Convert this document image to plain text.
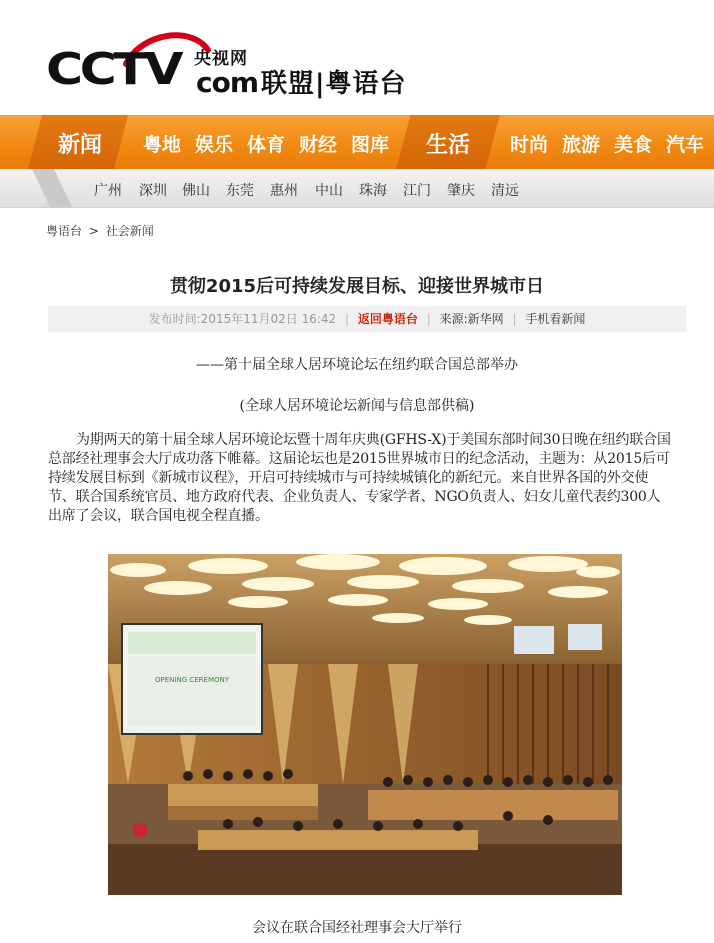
CCTV 央视网
com 联盟|粤语台
新闻 粤地 娱乐 体育 财经 图库 生活 时尚 旅游 美食 汽车
广州 深圳 佛山 东莞 惠州 中山 珠海 江门 肇庆 清远
粤语台 > 社会新闻
贯彻2015后可持续发展目标、迎接世界城市日
发布时间:2015年11月02日 16:42 | 返回粤语台 | 来源:新华网 | 手机看新闻
——第十届全球人居环境论坛在纽约联合国总部举办
(全球人居环境论坛新闻与信息部供稿)
为期两天的第十届全球人居环境论坛暨十周年庆典(GFHS-X)于美国东部时间30日晚在纽约联合国总部经社理事会大厅成功落下帷幕。这届论坛也是2015世界城市日的纪念活动，主题为：从2015后可持续发展目标到《新城市议程》，开启可持续城市与可持续城镇化的新纪元。来自世界各国的外交使节、联合国系统官员、地方政府代表、企业负责人、专家学者、NGO负责人、妇女儿童代表约300人出席了会议，联合国电视全程直播。
OPENING CEREMONY
会议在联合国经社理事会大厅举行
